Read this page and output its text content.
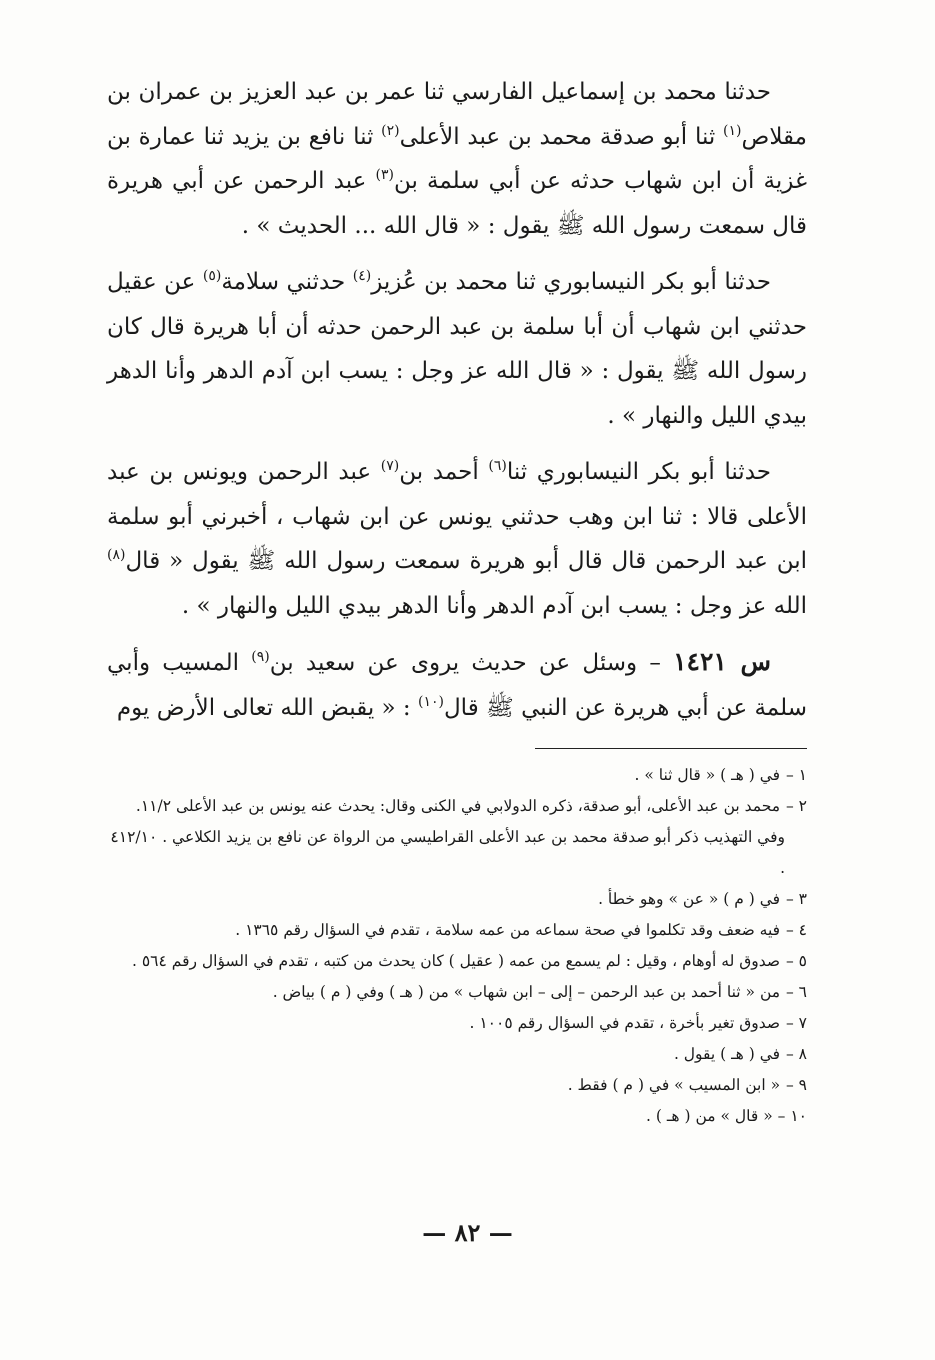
حدثنا محمد بن إسماعيل الفارسي ثنا عمر بن عبد العزيز بن عمران بن مقلاص$^{(١)}$ ثنا أبو صدقة محمد بن عبد الأعلى$^{(٢)}$ ثنا نافع بن يزيد ثنا عمارة بن غزية أن ابن شهاب حدثه عن أبي سلمة بن$^{(٣)}$ عبد الرحمن عن أبي هريرة قال سمعت رسول الله ﷺ يقول : « قال الله ... الحديث » .

حدثنا أبو بكر النيسابوري ثنا محمد بن عُزيز$^{(٤)}$ حدثني سلامة$^{(٥)}$ عن عقيل حدثني ابن شهاب أن أبا سلمة بن عبد الرحمن حدثه أن أبا هريرة قال كان رسول الله ﷺ يقول : « قال الله عز وجل : يسب ابن آدم الدهر وأنا الدهر بيدي الليل والنهار » .

حدثنا أبو بكر النيسابوري ثنا$^{(٦)}$ أحمد بن$^{(٧)}$ عبد الرحمن ويونس بن عبد الأعلى قالا : ثنا ابن وهب حدثني يونس عن ابن شهاب ، أخبرني أبو سلمة ابن عبد الرحمن قال قال أبو هريرة سمعت رسول الله ﷺ يقول « قال$^{(٨)}$ الله عز وجل : يسب ابن آدم الدهر وأنا الدهر بيدي الليل والنهار » .

س ١٤٢١ – وسئل عن حديث يروى عن سعيد بن$^{(٩)}$ المسيب وأبي سلمة عن أبي هريرة عن النبي ﷺ قال$^{(١٠)}$ : « يقبض الله تعالى الأرض يوم

١ – في ( هـ ) « قال ثنا » .

٢ – محمد بن عبد الأعلى، أبو صدقة، ذكره الدولابي في الكنى وقال: يحدث عنه يونس بن عبد الأعلى ١١/٢. وفي التهذيب ذكر أبو صدقة محمد بن عبد الأعلى القراطيسي من الرواة عن نافع بن يزيد الكلاعي . ٤١٢/١٠ .

٣ – في ( م ) « عن » وهو خطأ .

٤ – فيه ضعف وقد تكلموا في صحة سماعه من عمه سلامة ، تقدم في السؤال رقم ١٣٦٥ .

٥ – صدوق له أوهام ، وقيل : لم يسمع من عمه ( عقيل ) كان يحدث من كتبه ، تقدم في السؤال رقم ٥٦٤ .

٦ – من « ثنا أحمد بن عبد الرحمن – إلى – ابن شهاب » من ( هـ ) وفي ( م ) بياض .

٧ – صدوق تغير بأخرة ، تقدم في السؤال رقم ١٠٠٥ .

٨ – في ( هـ ) يقول .

٩ – « ابن المسيب » في ( م ) فقط .

١٠ – « قال » من ( هـ ) .

— ٨٢ —
